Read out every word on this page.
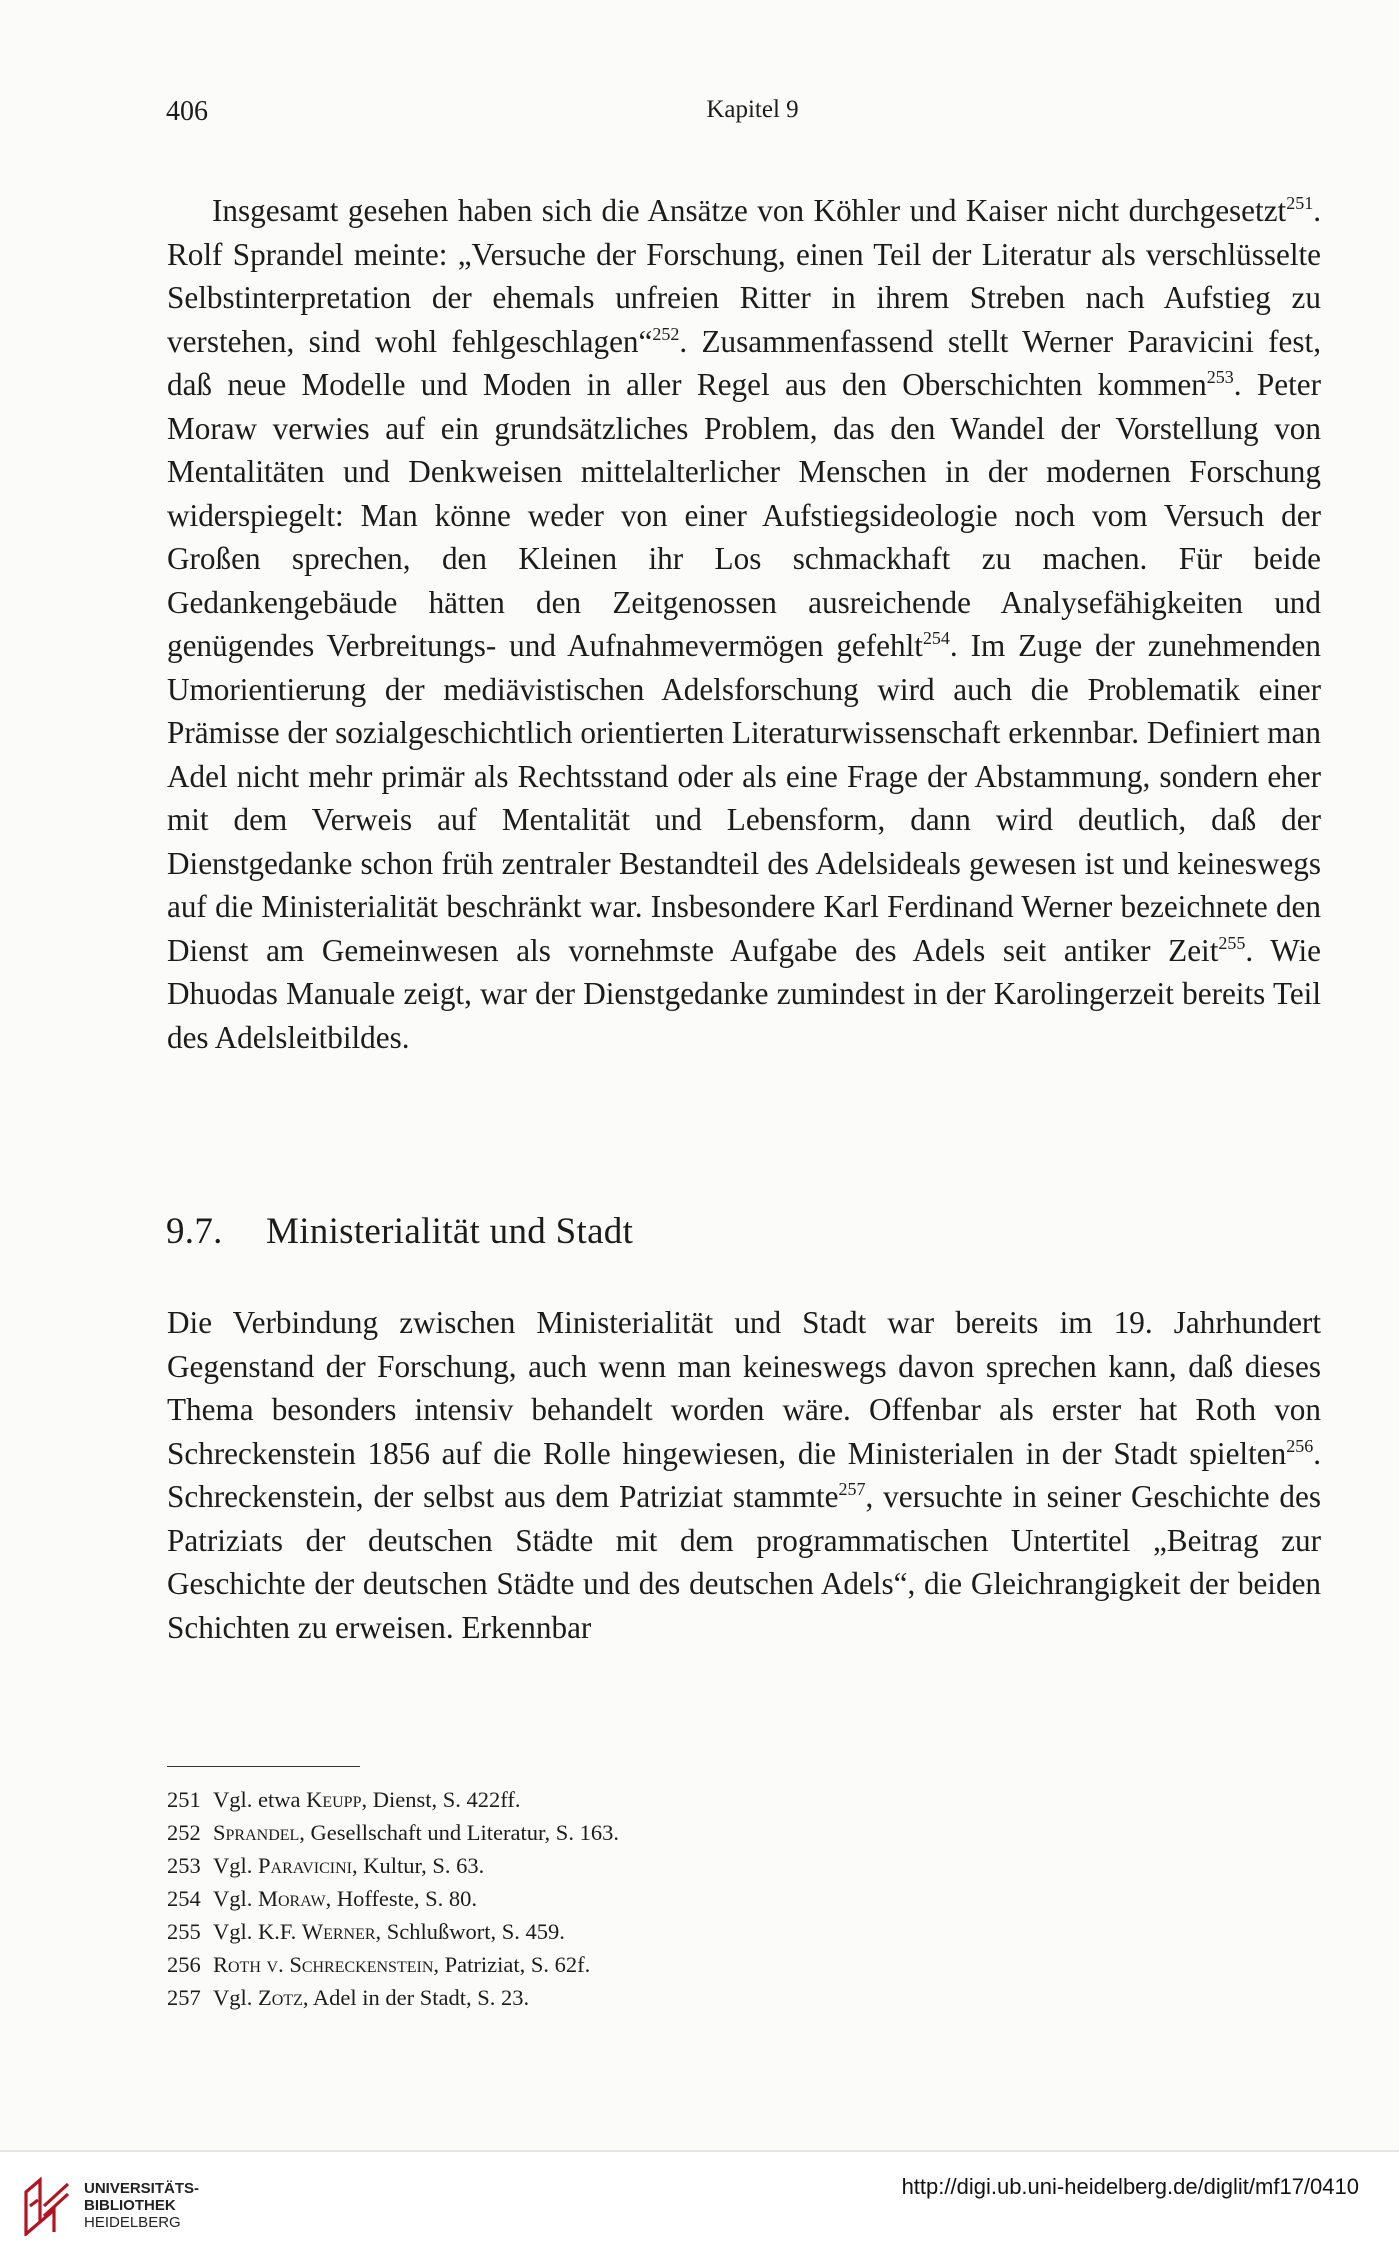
406	Kapitel 9

Insgesamt gesehen haben sich die Ansätze von Köhler und Kaiser nicht durchgesetzt$^{251}$. Rolf Sprandel meinte: „Versuche der Forschung, einen Teil der Literatur als verschlüsselte Selbstinterpretation der ehemals unfreien Ritter in ihrem Streben nach Aufstieg zu verstehen, sind wohl fehlgeschlagen“$^{252}$. Zusammenfassend stellt Werner Paravicini fest, daß neue Modelle und Moden in aller Regel aus den Oberschichten kommen$^{253}$. Peter Moraw verwies auf ein grundsätzliches Problem, das den Wandel der Vorstellung von Mentalitäten und Denkweisen mittelalterlicher Menschen in der modernen Forschung widerspiegelt: Man könne weder von einer Aufstiegsideologie noch vom Versuch der Großen sprechen, den Kleinen ihr Los schmackhaft zu machen. Für beide Gedankengebäude hätten den Zeitgenossen ausreichende Analysefähigkeiten und genügendes Verbreitungs- und Aufnahmevermögen gefehlt$^{254}$. Im Zuge der zunehmenden Umorientierung der mediävistischen Adelsforschung wird auch die Problematik einer Prämisse der sozialgeschichtlich orientierten Literaturwissenschaft erkennbar. Definiert man Adel nicht mehr primär als Rechtsstand oder als eine Frage der Abstammung, sondern eher mit dem Verweis auf Mentalität und Lebensform, dann wird deutlich, daß der Dienstgedanke schon früh zentraler Bestandteil des Adelsideals gewesen ist und keineswegs auf die Ministerialität beschränkt war. Insbesondere Karl Ferdinand Werner bezeichnete den Dienst am Gemeinwesen als vornehmste Aufgabe des Adels seit antiker Zeit$^{255}$. Wie Dhuodas Manuale zeigt, war der Dienstgedanke zumindest in der Karolingerzeit bereits Teil des Adelsleitbildes.

9.7. Ministerialität und Stadt

Die Verbindung zwischen Ministerialität und Stadt war bereits im 19. Jahrhundert Gegenstand der Forschung, auch wenn man keineswegs davon sprechen kann, daß dieses Thema besonders intensiv behandelt worden wäre. Offenbar als erster hat Roth von Schreckenstein 1856 auf die Rolle hingewiesen, die Ministerialen in der Stadt spielten$^{256}$. Schreckenstein, der selbst aus dem Patriziat stammte$^{257}$, versuchte in seiner Geschichte des Patriziats der deutschen Städte mit dem programmatischen Untertitel „Beitrag zur Geschichte der deutschen Städte und des deutschen Adels“, die Gleichrangigkeit der beiden Schichten zu erweisen. Erkennbar

251 Vgl. etwa Keupp, Dienst, S. 422ff.
252 Sprandel, Gesellschaft und Literatur, S. 163.
253 Vgl. Paravicini, Kultur, S. 63.
254 Vgl. Moraw, Hoffeste, S. 80.
255 Vgl. K.F. Werner, Schlußwort, S. 459.
256 Roth v. Schreckenstein, Patriziat, S. 62f.
257 Vgl. Zotz, Adel in der Stadt, S. 23.
UNIVERSITÄTS-
BIBLIOTHEK
HEIDELBERG
http://digi.ub.uni-heidelberg.de/diglit/mf17/0410
